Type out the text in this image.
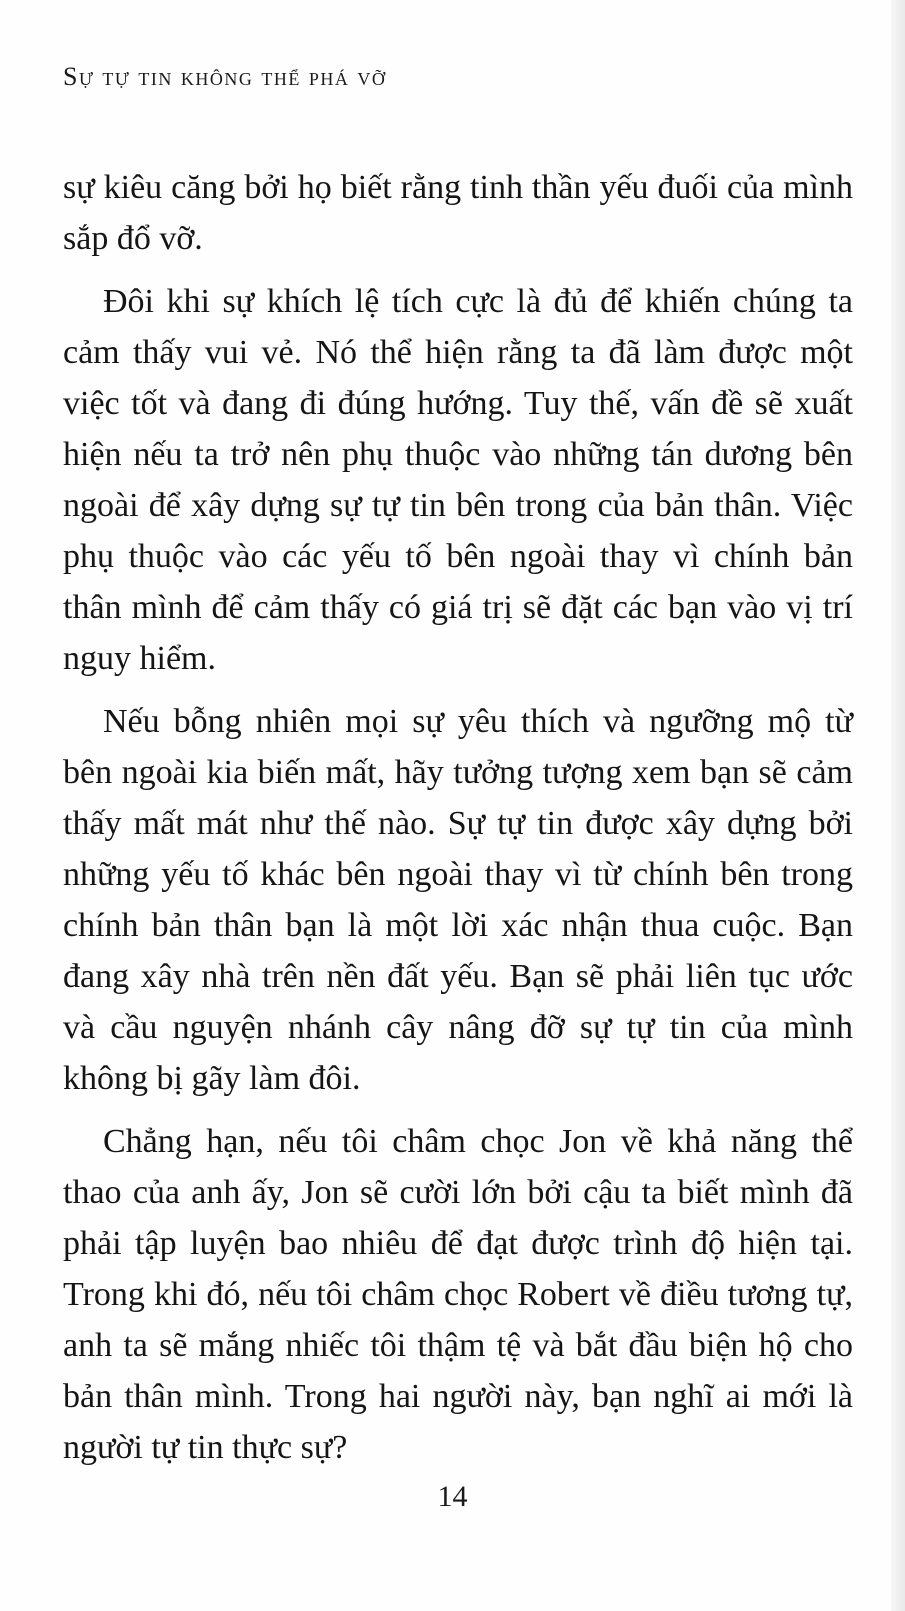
Sự tự tin không thể phá vỡ

sự kiêu căng bởi họ biết rằng tinh thần yếu đuối của mình sắp đổ vỡ.

Đôi khi sự khích lệ tích cực là đủ để khiến chúng ta cảm thấy vui vẻ. Nó thể hiện rằng ta đã làm được một việc tốt và đang đi đúng hướng. Tuy thế, vấn đề sẽ xuất hiện nếu ta trở nên phụ thuộc vào những tán dương bên ngoài để xây dựng sự tự tin bên trong của bản thân. Việc phụ thuộc vào các yếu tố bên ngoài thay vì chính bản thân mình để cảm thấy có giá trị sẽ đặt các bạn vào vị trí nguy hiểm.

Nếu bỗng nhiên mọi sự yêu thích và ngưỡng mộ từ bên ngoài kia biến mất, hãy tưởng tượng xem bạn sẽ cảm thấy mất mát như thế nào. Sự tự tin được xây dựng bởi những yếu tố khác bên ngoài thay vì từ chính bên trong chính bản thân bạn là một lời xác nhận thua cuộc. Bạn đang xây nhà trên nền đất yếu. Bạn sẽ phải liên tục ước và cầu nguyện nhánh cây nâng đỡ sự tự tin của mình không bị gãy làm đôi.

Chẳng hạn, nếu tôi châm chọc Jon về khả năng thể thao của anh ấy, Jon sẽ cười lớn bởi cậu ta biết mình đã phải tập luyện bao nhiêu để đạt được trình độ hiện tại. Trong khi đó, nếu tôi châm chọc Robert về điều tương tự, anh ta sẽ mắng nhiếc tôi thậm tệ và bắt đầu biện hộ cho bản thân mình. Trong hai người này, bạn nghĩ ai mới là người tự tin thực sự?

14
